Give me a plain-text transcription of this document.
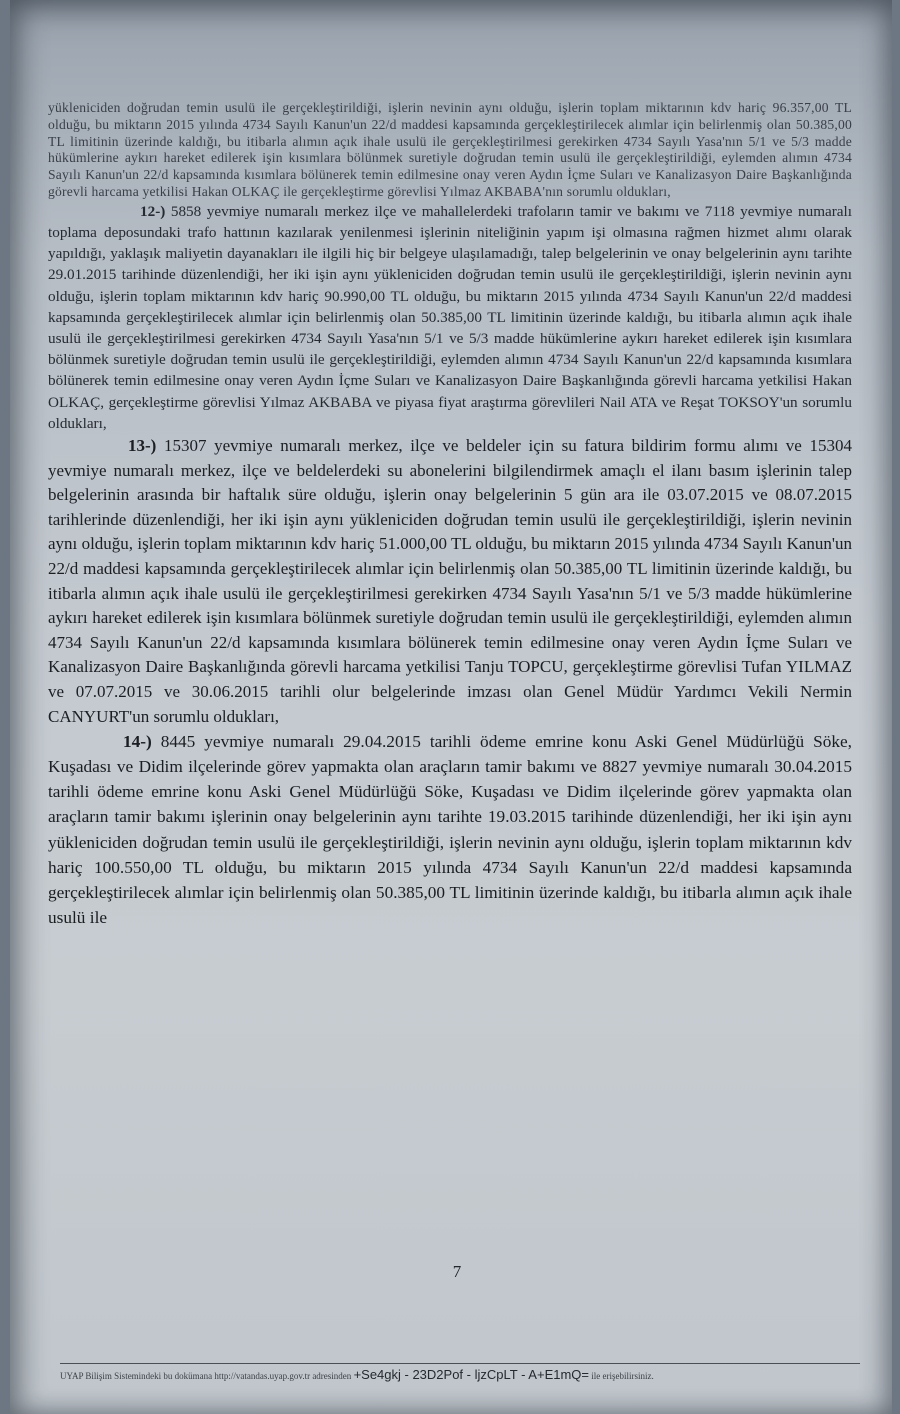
yükleniciden doğrudan temin usulü ile gerçekleştirildiği, işlerin nevinin aynı olduğu, işlerin toplam miktarının kdv hariç 96.357,00 TL olduğu, bu miktarın 2015 yılında 4734 Sayılı Kanun'un 22/d maddesi kapsamında gerçekleştirilecek alımlar için belirlenmiş olan 50.385,00 TL limitinin üzerinde kaldığı, bu itibarla alımın açık ihale usulü ile gerçekleştirilmesi gerekirken 4734 Sayılı Yasa'nın 5/1 ve 5/3 madde hükümlerine aykırı hareket edilerek işin kısımlara bölünmek suretiyle doğrudan temin usulü ile gerçekleştirildiği, eylemden alımın 4734 Sayılı Kanun'un 22/d kapsamında kısımlara bölünerek temin edilmesine onay veren Aydın İçme Suları ve Kanalizasyon Daire Başkanlığında görevli harcama yetkilisi Hakan OLKAÇ ile gerçekleştirme görevlisi Yılmaz AKBABA'nın sorumlu oldukları,

12-) 5858 yevmiye numaralı merkez ilçe ve mahallelerdeki trafoların tamir ve bakımı ve 7118 yevmiye numaralı toplama deposundaki trafo hattının kazılarak yenilenmesi işlerinin niteliğinin yapım işi olmasına rağmen hizmet alımı olarak yapıldığı, yaklaşık maliyetin dayanakları ile ilgili hiç bir belgeye ulaşılamadığı, talep belgelerinin ve onay belgelerinin aynı tarihte 29.01.2015 tarihinde düzenlendiği, her iki işin aynı yükleniciden doğrudan temin usulü ile gerçekleştirildiği, işlerin nevinin aynı olduğu, işlerin toplam miktarının kdv hariç 90.990,00 TL olduğu, bu miktarın 2015 yılında 4734 Sayılı Kanun'un 22/d maddesi kapsamında gerçekleştirilecek alımlar için belirlenmiş olan 50.385,00 TL limitinin üzerinde kaldığı, bu itibarla alımın açık ihale usulü ile gerçekleştirilmesi gerekirken 4734 Sayılı Yasa'nın 5/1 ve 5/3 madde hükümlerine aykırı hareket edilerek işin kısımlara bölünmek suretiyle doğrudan temin usulü ile gerçekleştirildiği, eylemden alımın 4734 Sayılı Kanun'un 22/d kapsamında kısımlara bölünerek temin edilmesine onay veren Aydın İçme Suları ve Kanalizasyon Daire Başkanlığında görevli harcama yetkilisi Hakan OLKAÇ, gerçekleştirme görevlisi Yılmaz AKBABA ve piyasa fiyat araştırma görevlileri Nail ATA ve Reşat TOKSOY'un sorumlu oldukları,

13-) 15307 yevmiye numaralı merkez, ilçe ve beldeler için su fatura bildirim formu alımı ve 15304 yevmiye numaralı merkez, ilçe ve beldelerdeki su abonelerini bilgilendirmek amaçlı el ilanı basım işlerinin talep belgelerinin arasında bir haftalık süre olduğu, işlerin onay belgelerinin 5 gün ara ile 03.07.2015 ve 08.07.2015 tarihlerinde düzenlendiği, her iki işin aynı yükleniciden doğrudan temin usulü ile gerçekleştirildiği, işlerin nevinin aynı olduğu, işlerin toplam miktarının kdv hariç 51.000,00 TL olduğu, bu miktarın 2015 yılında 4734 Sayılı Kanun'un 22/d maddesi kapsamında gerçekleştirilecek alımlar için belirlenmiş olan 50.385,00 TL limitinin üzerinde kaldığı, bu itibarla alımın açık ihale usulü ile gerçekleştirilmesi gerekirken 4734 Sayılı Yasa'nın 5/1 ve 5/3 madde hükümlerine aykırı hareket edilerek işin kısımlara bölünmek suretiyle doğrudan temin usulü ile gerçekleştirildiği, eylemden alımın 4734 Sayılı Kanun'un 22/d kapsamında kısımlara bölünerek temin edilmesine onay veren Aydın İçme Suları ve Kanalizasyon Daire Başkanlığında görevli harcama yetkilisi Tanju TOPCU, gerçekleştirme görevlisi Tufan YILMAZ ve 07.07.2015 ve 30.06.2015 tarihli olur belgelerinde imzası olan Genel Müdür Yardımcı Vekili Nermin CANYURT'un sorumlu oldukları,

14-) 8445 yevmiye numaralı 29.04.2015 tarihli ödeme emrine konu Aski Genel Müdürlüğü Söke, Kuşadası ve Didim ilçelerinde görev yapmakta olan araçların tamir bakımı ve 8827 yevmiye numaralı 30.04.2015 tarihli ödeme emrine konu Aski Genel Müdürlüğü Söke, Kuşadası ve Didim ilçelerinde görev yapmakta olan araçların tamir bakımı işlerinin onay belgelerinin aynı tarihte 19.03.2015 tarihinde düzenlendiği, her iki işin aynı yükleniciden doğrudan temin usulü ile gerçekleştirildiği, işlerin nevinin aynı olduğu, işlerin toplam miktarının kdv hariç 100.550,00 TL olduğu, bu miktarın 2015 yılında 4734 Sayılı Kanun'un 22/d maddesi kapsamında gerçekleştirilecek alımlar için belirlenmiş olan 50.385,00 TL limitinin üzerinde kaldığı, bu itibarla alımın açık ihale usulü ile

7
UYAP Bilişim Sistemindeki bu dokümana http://vatandas.uyap.gov.tr adresinden +Se4gkj - 23D2Pof - ljzCpLT - A+E1mQ= ile erişebilirsiniz.
